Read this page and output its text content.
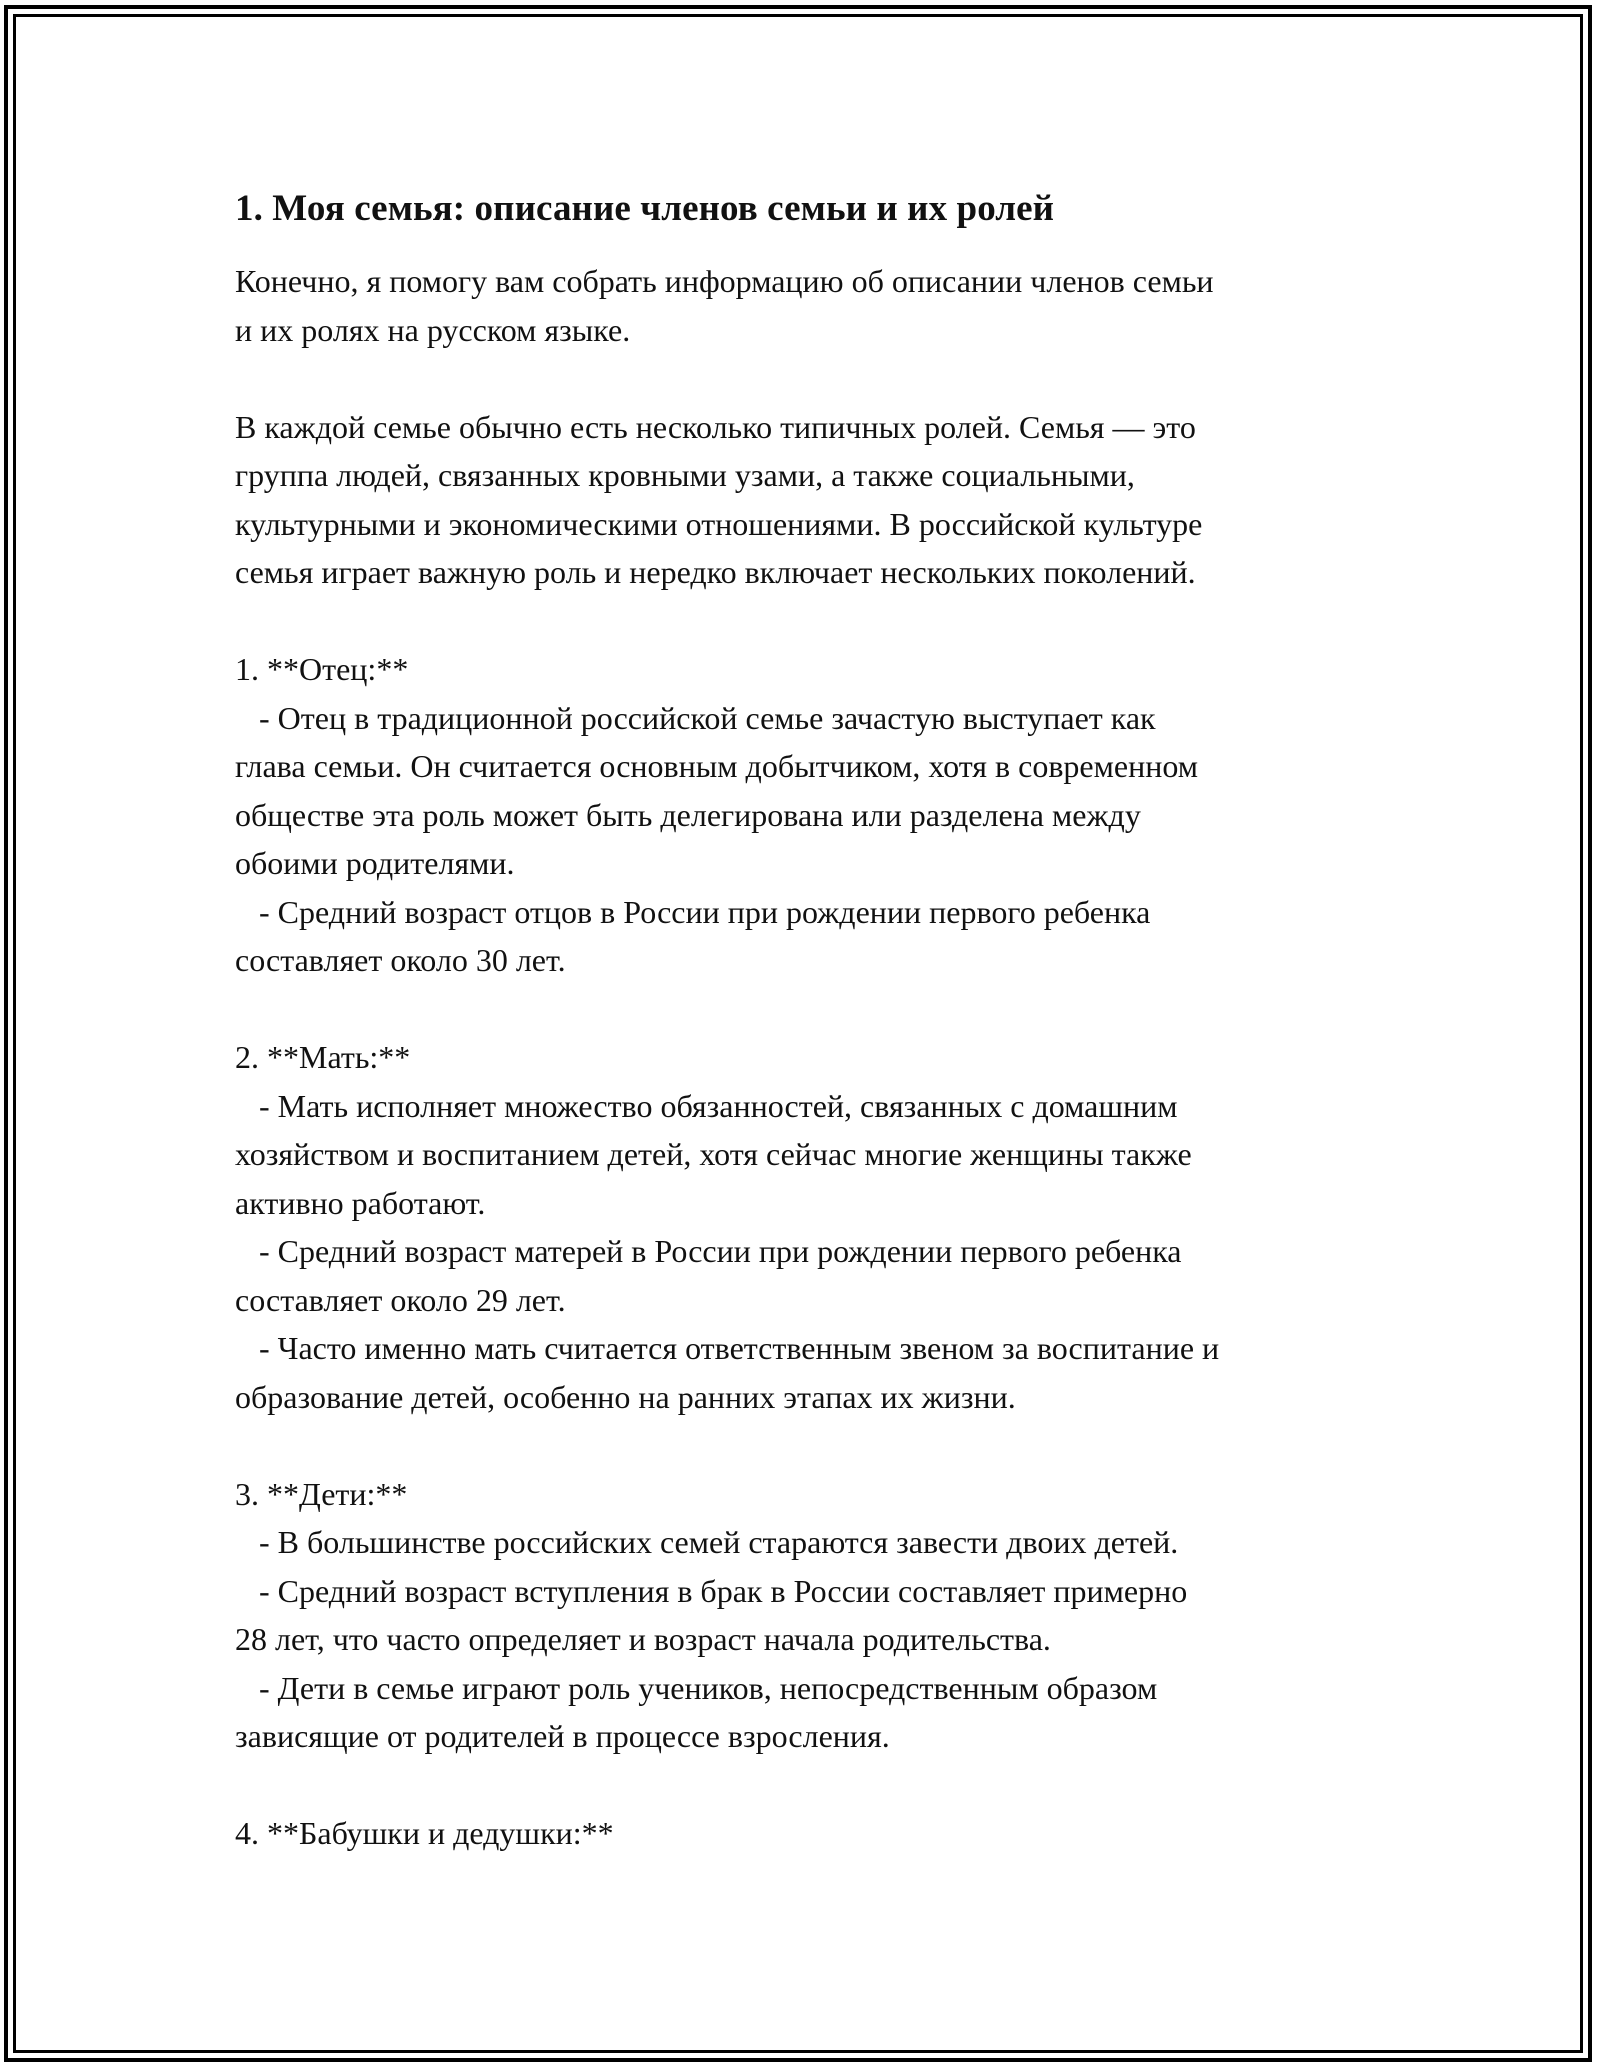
1. Моя семья: описание членов семьи и их ролей

Конечно, я помогу вам собрать информацию об описании членов семьи
и их ролях на русском языке.

В каждой семье обычно есть несколько типичных ролей. Семья — это
группа людей, связанных кровными узами, а также социальными,
культурными и экономическими отношениями. В российской культуре
семья играет важную роль и нередко включает нескольких поколений.

1. **Отец:**

- Отец в традиционной российской семье зачастую выступает как
глава семьи. Он считается основным добытчиком, хотя в современном
обществе эта роль может быть делегирована или разделена между
обоими родителями.

- Средний возраст отцов в России при рождении первого ребенка
составляет около 30 лет.

2. **Мать:**

- Мать исполняет множество обязанностей, связанных с домашним
хозяйством и воспитанием детей, хотя сейчас многие женщины также
активно работают.

- Средний возраст матерей в России при рождении первого ребенка
составляет около 29 лет.

- Часто именно мать считается ответственным звеном за воспитание и
образование детей, особенно на ранних этапах их жизни.

3. **Дети:**

- В большинстве российских семей стараются завести двоих детей.

- Средний возраст вступления в брак в России составляет примерно
28 лет, что часто определяет и возраст начала родительства.

- Дети в семье играют роль учеников, непосредственным образом
зависящие от родителей в процессе взросления.

4. **Бабушки и дедушки:**
